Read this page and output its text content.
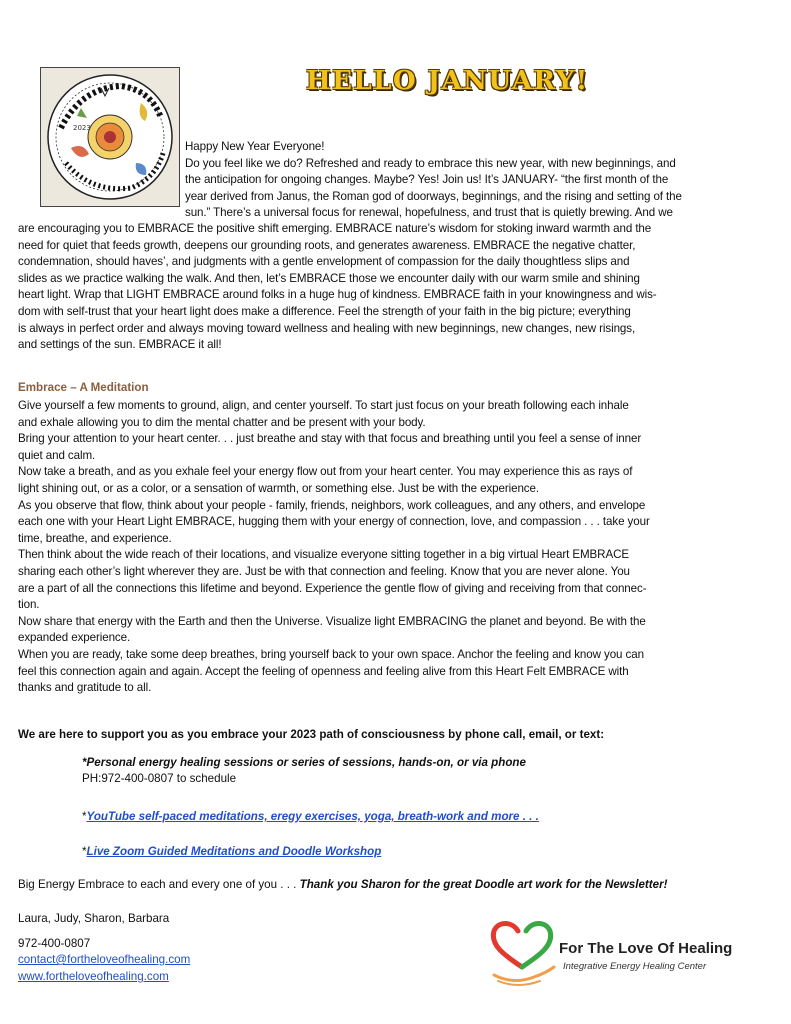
HELLO JANUARY!
2023
Happy New Year Everyone!
Do you feel like we do? Refreshed and ready to embrace this new year, with new beginnings, and
the anticipation for ongoing changes. Maybe? Yes! Join us! It’s JANUARY- “the first month of the
year derived from Janus, the Roman god of doorways, beginnings, and the rising and setting of the
sun.” There’s a universal focus for renewal, hopefulness, and trust that is quietly brewing. And we
are encouraging you to EMBRACE the positive shift emerging. EMBRACE nature’s wisdom for stoking inward warmth and the
need for quiet that feeds growth, deepens our grounding roots, and generates awareness. EMBRACE the negative chatter,
condemnation, should haves’, and judgments with a gentle envelopment of compassion for the daily thoughtless slips and
slides as we practice walking the walk. And then, let’s EMBRACE those we encounter daily with our warm smile and shining
heart light. Wrap that LIGHT EMBRACE around folks in a huge hug of kindness. EMBRACE faith in your knowingness and wis-
dom with self-trust that your heart light does make a difference. Feel the strength of your faith in the big picture; everything
is always in perfect order and always moving toward wellness and healing with new beginnings, new changes, new risings,
and settings of the sun. EMBRACE it all!
Embrace – A Meditation
Give yourself a few moments to ground, align, and center yourself. To start just focus on your breath following each inhale
and exhale allowing you to dim the mental chatter and be present with your body.
Bring your attention to your heart center. . . just breathe and stay with that focus and breathing until you feel a sense of inner
quiet and calm.
Now take a breath, and as you exhale feel your energy flow out from your heart center. You may experience this as rays of
light shining out, or as a color, or a sensation of warmth, or something else. Just be with the experience.
As you observe that flow, think about your people - family, friends, neighbors, work colleagues, and any others, and envelope
each one with your Heart Light EMBRACE, hugging them with your energy of connection, love, and compassion . . . take your
time, breathe, and experience.
Then think about the wide reach of their locations, and visualize everyone sitting together in a big virtual Heart EMBRACE
sharing each other’s light wherever they are. Just be with that connection and feeling. Know that you are never alone. You
are a part of all the connections this lifetime and beyond. Experience the gentle flow of giving and receiving from that connec-
tion.
Now share that energy with the Earth and then the Universe. Visualize light EMBRACING the planet and beyond. Be with the
expanded experience.
When you are ready, take some deep breathes, bring yourself back to your own space. Anchor the feeling and know you can
feel this connection again and again. Accept the feeling of openness and feeling alive from this Heart Felt EMBRACE with
thanks and gratitude to all.
We are here to support you as you embrace your 2023 path of consciousness by phone call, email, or text:
*Personal energy healing sessions or series of sessions, hands-on, or via phone
PH:972-400-0807 to schedule
*YouTube self-paced meditations, eregy exercises, yoga, breath-work and more . . .
*Live Zoom Guided Meditations and Doodle Workshop
Big Energy Embrace to each and every one of you . . . Thank you Sharon for the great Doodle art work for the Newsletter!
Laura, Judy, Sharon, Barbara
972-400-0807
contact@fortheloveofhealing.com
www.fortheloveofhealing.com
For The Love Of Healing
Integrative Energy Healing Center
